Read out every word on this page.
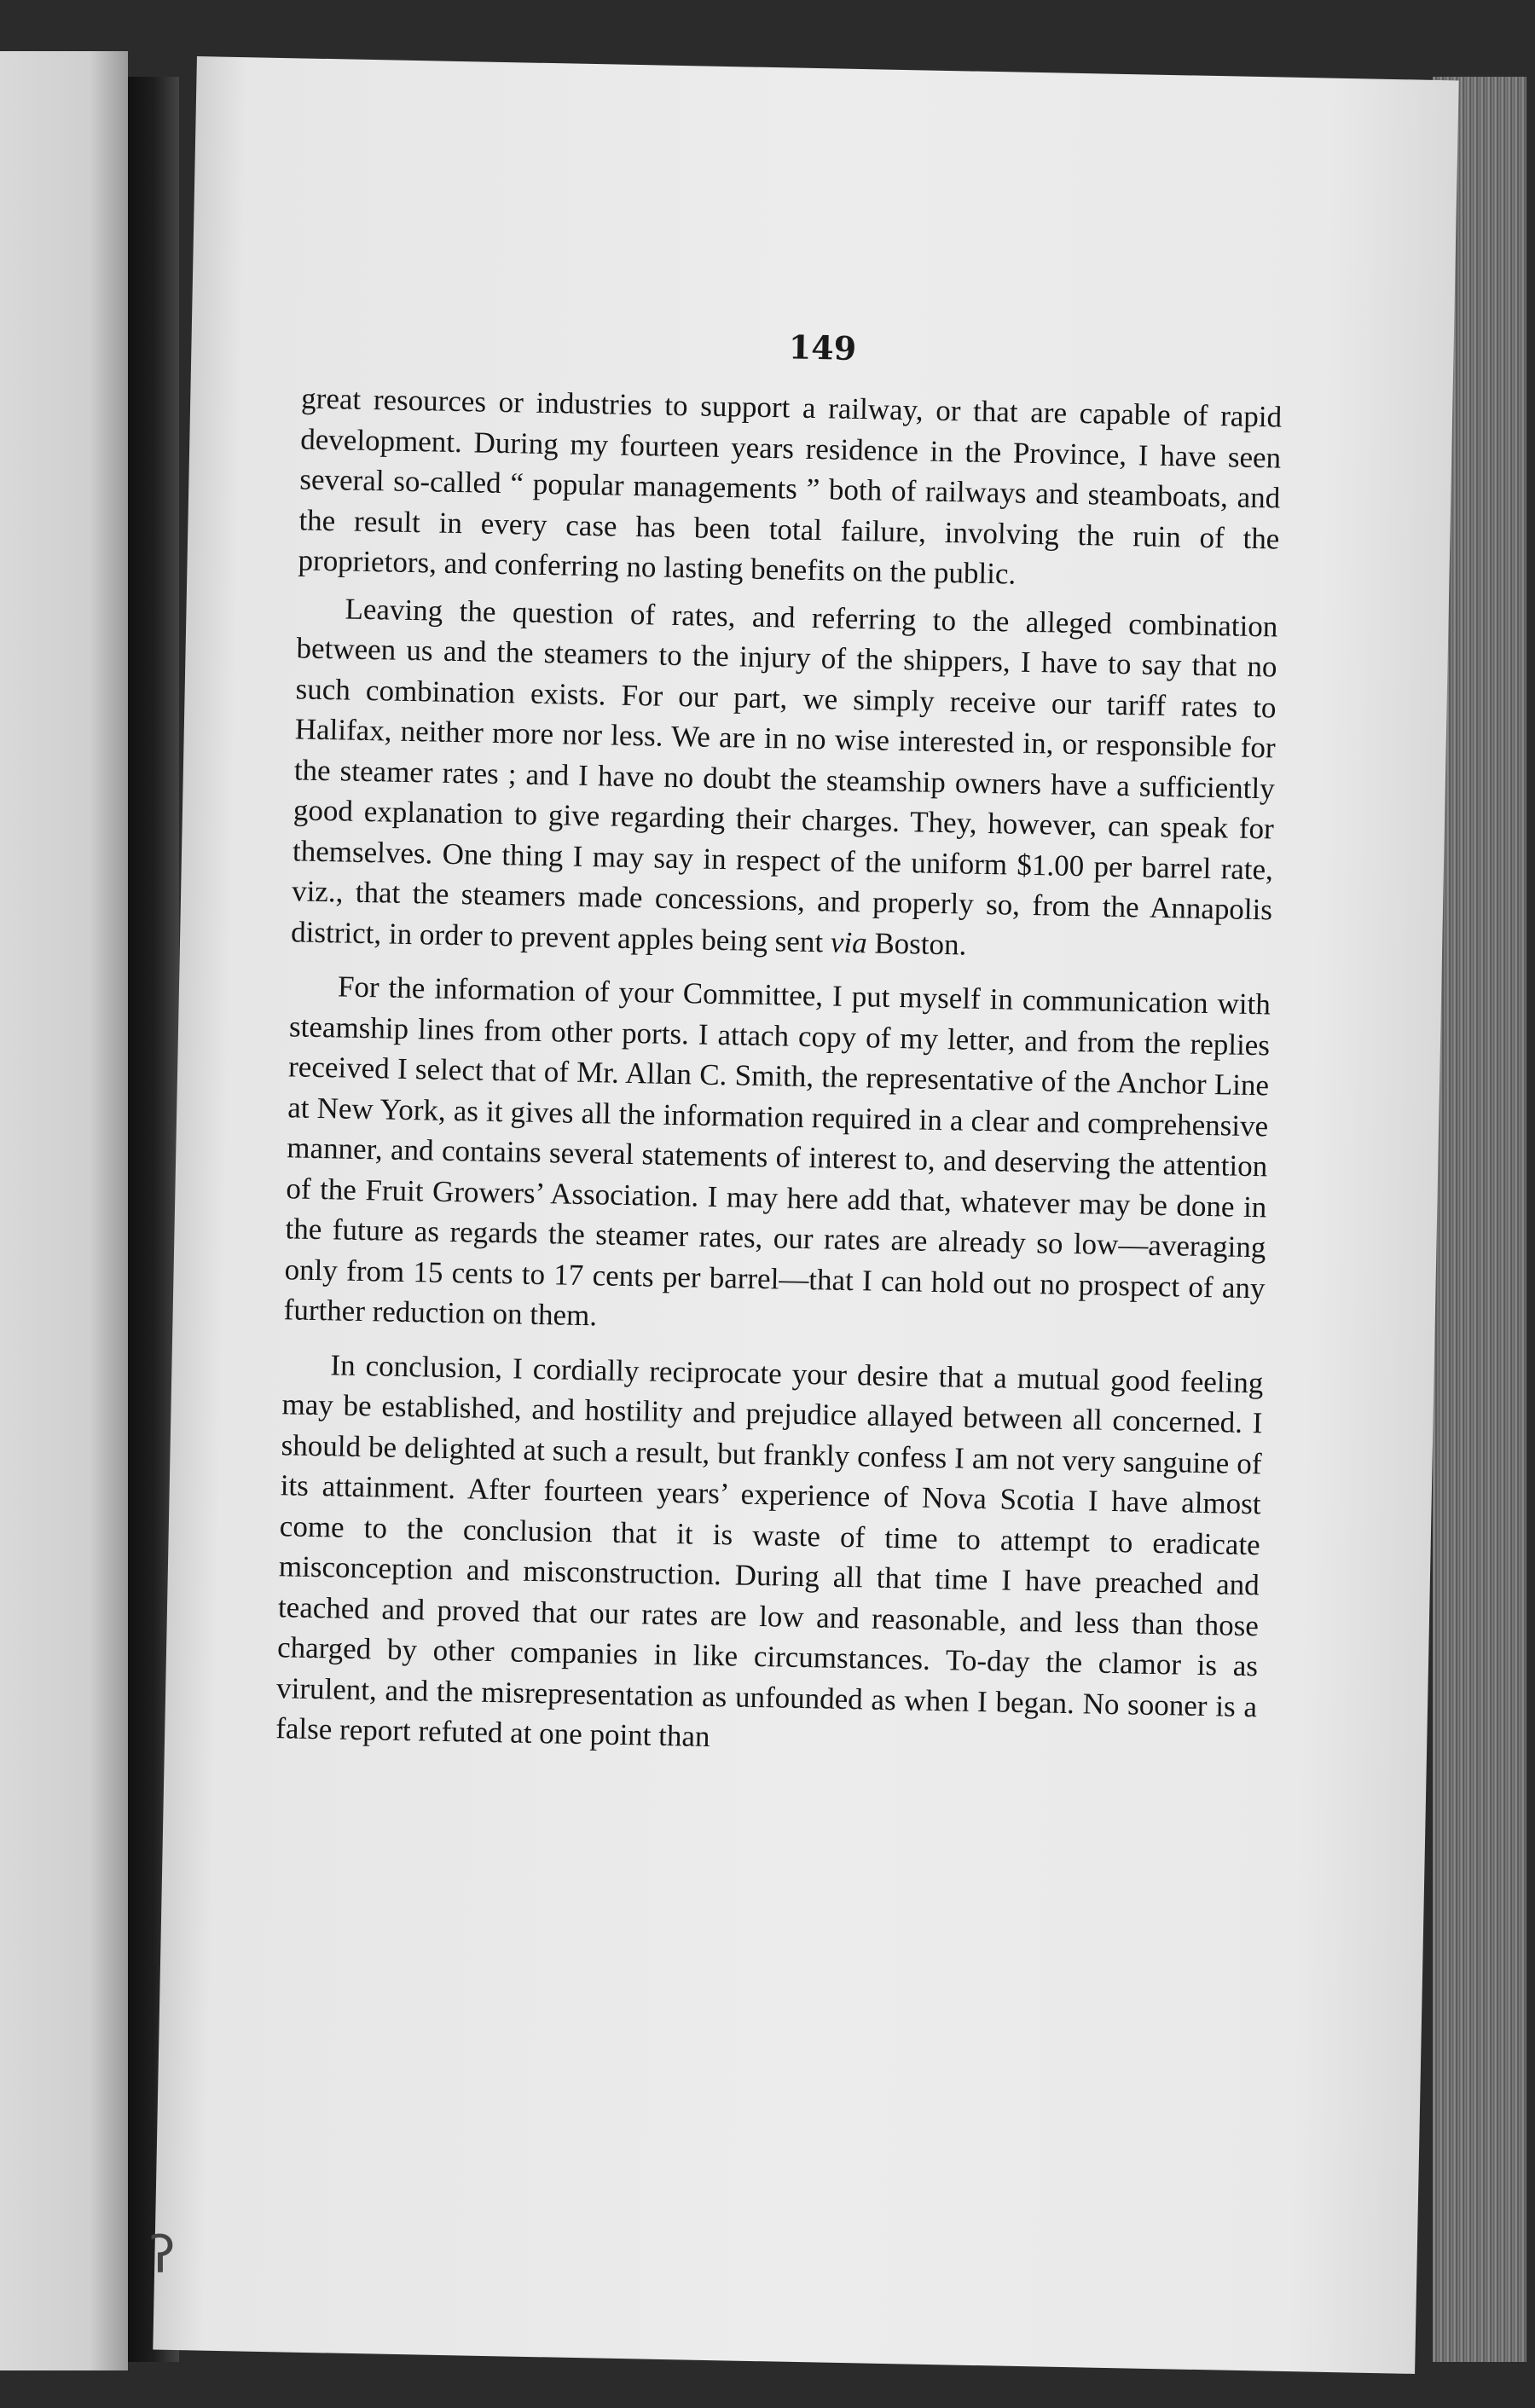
149

great resources or industries to support a railway, or that are capable of rapid development. During my fourteen years residence in the Province, I have seen several so-called “ popular managements ” both of railways and steamboats, and the result in every case has been total failure, involving the ruin of the proprietors, and conferring no lasting benefits on the public.

Leaving the question of rates, and referring to the alleged combination between us and the steamers to the injury of the shippers, I have to say that no such combination exists. For our part, we simply receive our tariff rates to Halifax, neither more nor less. We are in no wise interested in, or responsible for the steamer rates ; and I have no doubt the steamship owners have a sufficiently good explanation to give regarding their charges. They, however, can speak for themselves. One thing I may say in respect of the uniform $1.00 per barrel rate, viz., that the steamers made concessions, and properly so, from the Annapolis district, in order to prevent apples being sent via Boston.

For the information of your Committee, I put myself in communication with steamship lines from other ports. I attach copy of my letter, and from the replies received I select that of Mr. Allan C. Smith, the representative of the Anchor Line at New York, as it gives all the information required in a clear and comprehensive manner, and contains several statements of interest to, and deserving the attention of the Fruit Growers’ Association. I may here add that, whatever may be done in the future as regards the steamer rates, our rates are already so low—averaging only from 15 cents to 17 cents per barrel—that I can hold out no prospect of any further reduction on them.

In conclusion, I cordially reciprocate your desire that a mutual good feeling may be established, and hostility and prejudice allayed between all concerned. I should be delighted at such a result, but frankly confess I am not very sanguine of its attainment. After fourteen years’ experience of Nova Scotia I have almost come to the conclusion that it is waste of time to attempt to eradicate misconception and misconstruction. During all that time I have preached and teached and proved that our rates are low and reasonable, and less than those charged by other companies in like circumstances. To-day the clamor is as virulent, and the misrepresentation as unfounded as when I began. No sooner is a false report refuted at one point than

ʔ
